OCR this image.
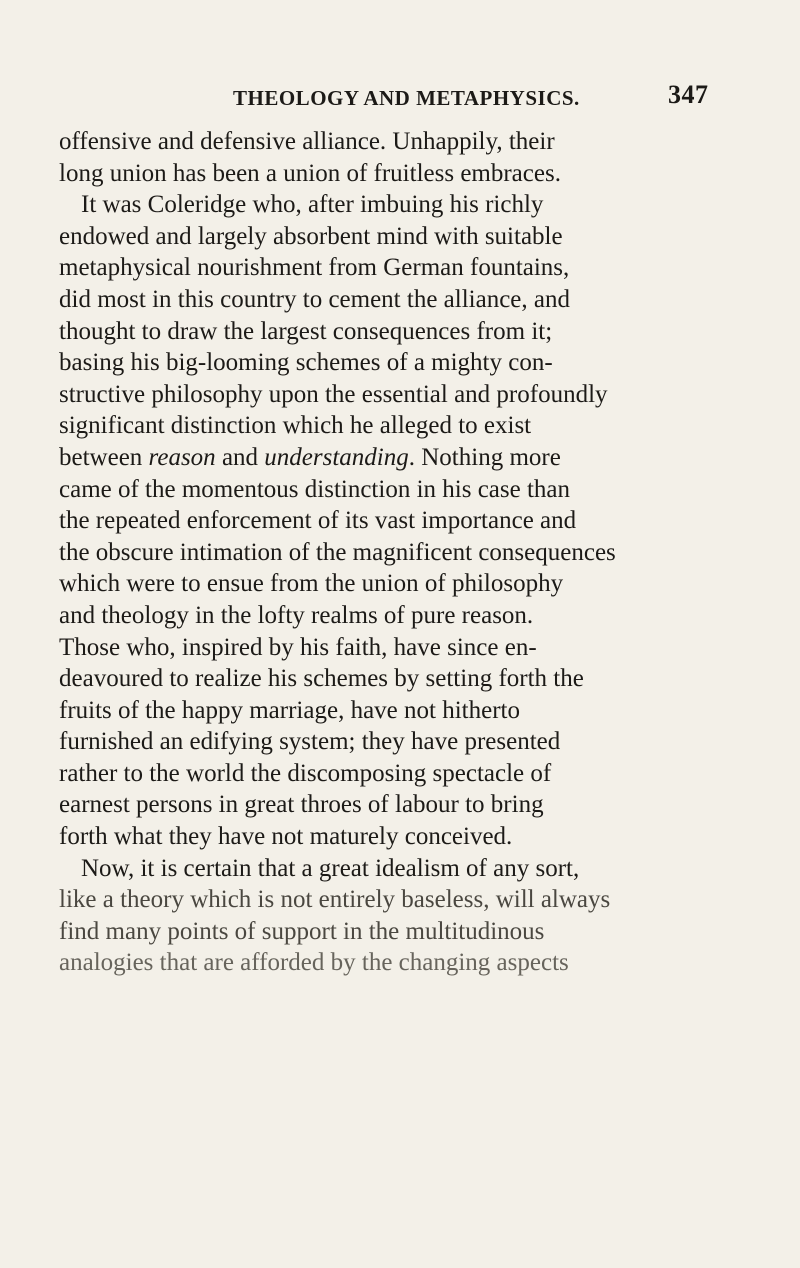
THEOLOGY AND METAPHYSICS.	347
offensive and defensive alliance. Unhappily, their
long union has been a union of fruitless embraces.
It was Coleridge who, after imbuing his richly
endowed and largely absorbent mind with suitable
metaphysical nourishment from German fountains,
did most in this country to cement the alliance, and
thought to draw the largest consequences from it;
basing his big-looming schemes of a mighty con-
structive philosophy upon the essential and profoundly
significant distinction which he alleged to exist
between reason and understanding. Nothing more
came of the momentous distinction in his case than
the repeated enforcement of its vast importance and
the obscure intimation of the magnificent consequences
which were to ensue from the union of philosophy
and theology in the lofty realms of pure reason.
Those who, inspired by his faith, have since en-
deavoured to realize his schemes by setting forth the
fruits of the happy marriage, have not hitherto
furnished an edifying system; they have presented
rather to the world the discomposing spectacle of
earnest persons in great throes of labour to bring
forth what they have not maturely conceived.
Now, it is certain that a great idealism of any sort,
like a theory which is not entirely baseless, will always
find many points of support in the multitudinous
analogies that are afforded by the changing aspects
